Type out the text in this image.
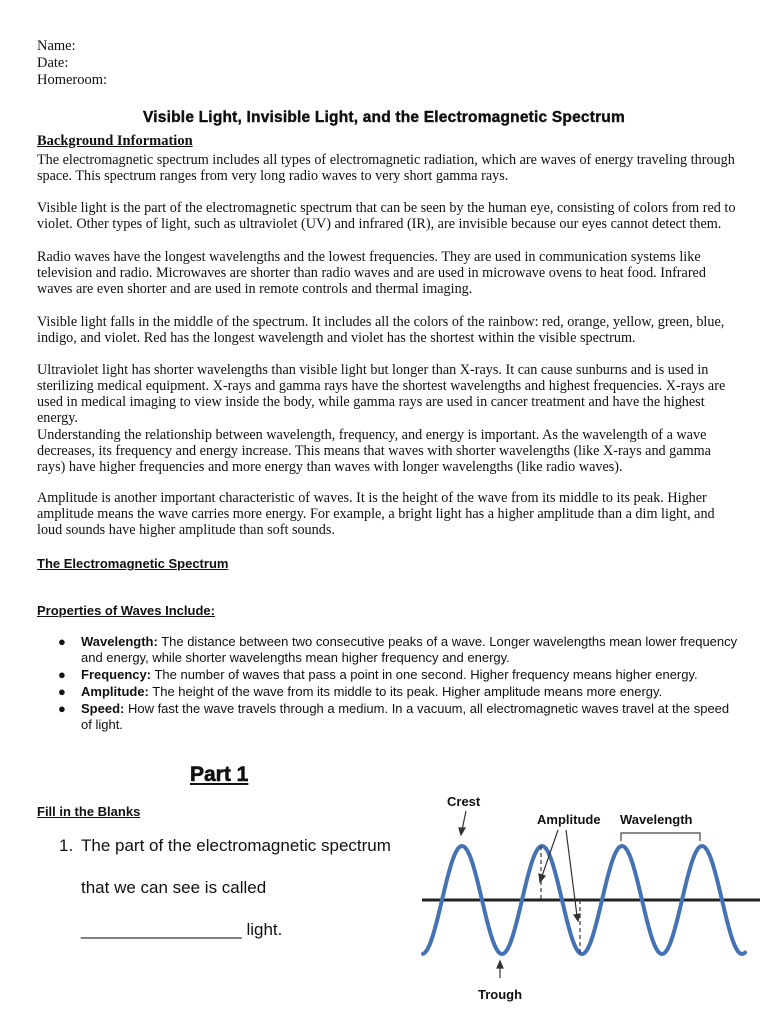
Name:
Date:
Homeroom:
Visible Light, Invisible Light, and the Electromagnetic Spectrum
Background Information
The electromagnetic spectrum includes all types of electromagnetic radiation, which are waves of energy traveling through space. This spectrum ranges from very long radio waves to very short gamma rays.
Visible light is the part of the electromagnetic spectrum that can be seen by the human eye, consisting of colors from red to violet. Other types of light, such as ultraviolet (UV) and infrared (IR), are invisible because our eyes cannot detect them.
Radio waves have the longest wavelengths and the lowest frequencies. They are used in communication systems like television and radio. Microwaves are shorter than radio waves and are used in microwave ovens to heat food. Infrared waves are even shorter and are used in remote controls and thermal imaging.
Visible light falls in the middle of the spectrum. It includes all the colors of the rainbow: red, orange, yellow, green, blue, indigo, and violet. Red has the longest wavelength and violet has the shortest within the visible spectrum.
Ultraviolet light has shorter wavelengths than visible light but longer than X-rays. It can cause sunburns and is used in sterilizing medical equipment. X-rays and gamma rays have the shortest wavelengths and highest frequencies. X-rays are used in medical imaging to view inside the body, while gamma rays are used in cancer treatment and have the highest energy.
Understanding the relationship between wavelength, frequency, and energy is important. As the wavelength of a wave decreases, its frequency and energy increase. This means that waves with shorter wavelengths (like X-rays and gamma rays) have higher frequencies and more energy than waves with longer wavelengths (like radio waves).
Amplitude is another important characteristic of waves. It is the height of the wave from its middle to its peak. Higher amplitude means the wave carries more energy. For example, a bright light has a higher amplitude than a dim light, and loud sounds have higher amplitude than soft sounds.
The Electromagnetic Spectrum
Properties of Waves Include:
● Wavelength: The distance between two consecutive peaks of a wave. Longer wavelengths mean lower frequency and energy, while shorter wavelengths mean higher frequency and energy.
● Frequency: The number of waves that pass a point in one second. Higher frequency means higher energy.
● Amplitude: The height of the wave from its middle to its peak. Higher amplitude means more energy.
● Speed: How fast the wave travels through a medium. In a vacuum, all electromagnetic waves travel at the speed of light.
Part 1
Fill in the Blanks
1. The part of the electromagnetic spectrum
that we can see is called
_________________ light.
Crest
Amplitude Wavelength
Trough
